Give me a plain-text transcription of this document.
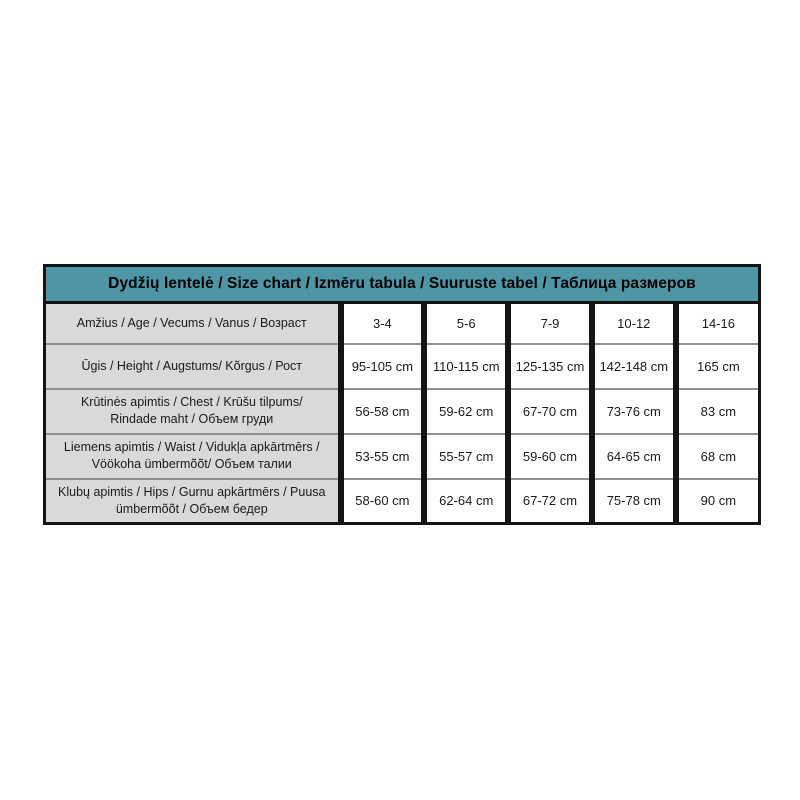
Dydžių lentelė / Size chart / Izmēru tabula / Suuruste tabel / Таблица размеров					
Amžius / Age / Vecums / Vanus / Возраст	3-4	5-6	7-9	10-12	14-16
Ūgis / Height / Augstums/ Kõrgus / Рост	95-105 cm	110-115 cm	125-135 cm	142-148 cm	165 cm
Krūtinės apimtis / Chest / Krūšu tilpums/ Rindade maht / Объем груди	56-58 cm	59-62 cm	67-70 cm	73-76 cm	83 cm
Liemens apimtis / Waist / Vidukļa apkārtmērs / Vöökoha ümbermõõt/ Объем талии	53-55 cm	55-57 cm	59-60 cm	64-65 cm	68 cm
Klubų apimtis / Hips / Gurnu apkārtmērs / Puusa ümbermõõt / Объем бедер	58-60 cm	62-64 cm	67-72 cm	75-78 cm	90 cm
